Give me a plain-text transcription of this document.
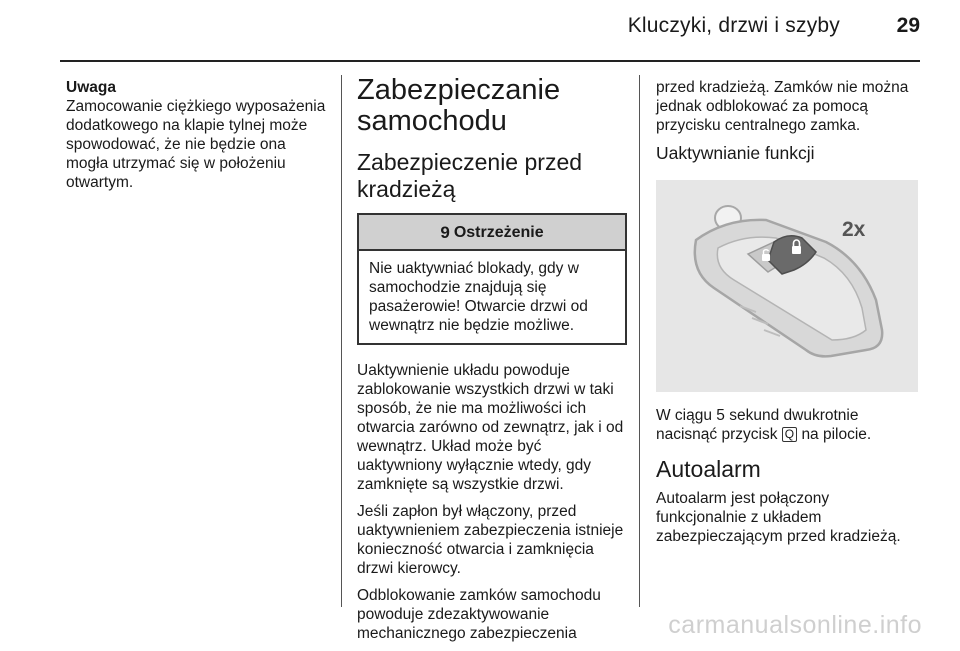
Kluczyki, drzwi i szyby	29
Uwaga

Zamocowanie ciężkiego wyposażenia dodatkowego na klapie tylnej może spowodować, że nie będzie ona mogła utrzymać się w położeniu otwartym.

Zabezpieczanie samochodu
Zabezpieczenie przed kradzieżą
9 Ostrzeżenie
Nie uaktywniać blokady, gdy w samochodzie znajdują się pasażerowie! Otwarcie drzwi od wewnątrz nie będzie możliwe.

Uaktywnienie układu powoduje zablokowanie wszystkich drzwi w taki sposób, że nie ma możliwości ich otwarcia zarówno od zewnątrz, jak i od wewnątrz. Układ może być uaktywniony wyłącznie wtedy, gdy zamknięte są wszystkie drzwi.

Jeśli zapłon był włączony, przed uaktywnieniem zabezpieczenia istnieje konieczność otwarcia i zamknięcia drzwi kierowcy.

Odblokowanie zamków samochodu powoduje zdezaktywowanie mechanicznego zabezpieczenia

przed kradzieżą. Zamków nie można jednak odblokować za pomocą przycisku centralnego zamka.

Uaktywnianie funkcji
2x

W ciągu 5 sekund dwukrotnie nacisnąć przycisk Q na pilocie.

Autoalarm

Autoalarm jest połączony funkcjonalnie z układem zabezpieczającym przed kradzieżą.

carmanualsonline.info
